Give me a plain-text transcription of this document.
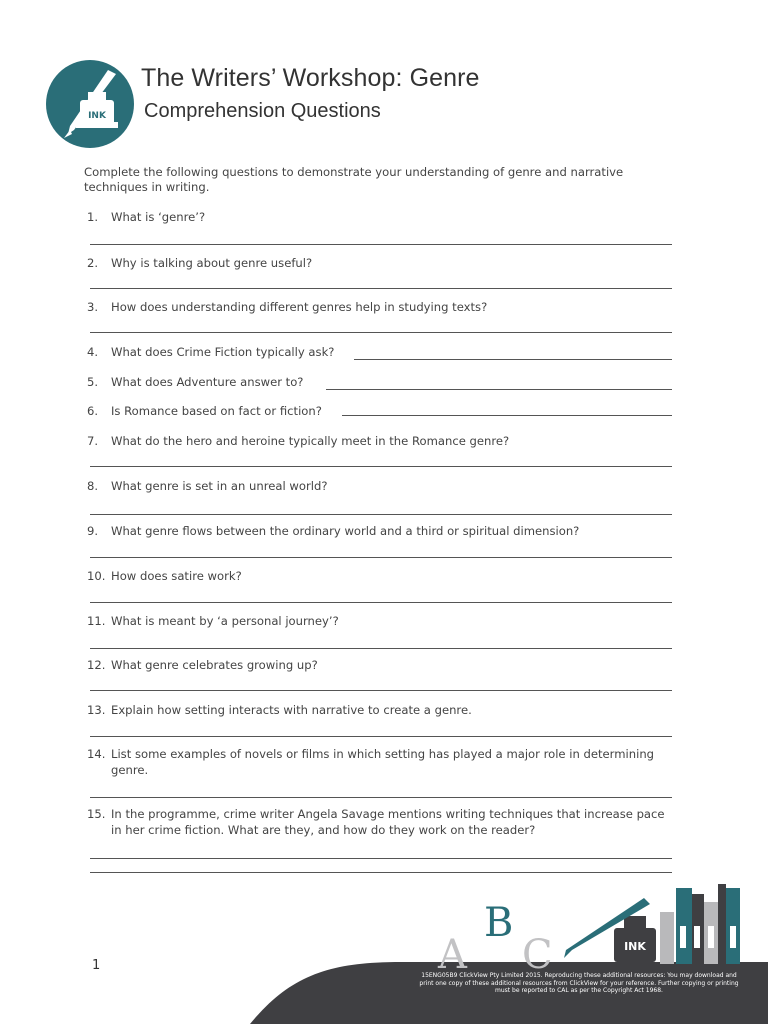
INK
The Writers’ Workshop: Genre
Comprehension Questions
Complete the following questions to demonstrate your understanding of genre and narrative techniques in writing.
1. What is ‘genre’?
2. Why is talking about genre useful?
3. How does understanding different genres help in studying texts?
4. What does Crime Fiction typically ask?
5. What does Adventure answer to?
6. Is Romance based on fact or fiction?
7. What do the hero and heroine typically meet in the Romance genre?
8. What genre is set in an unreal world?
9. What genre flows between the ordinary world and a third or spiritual dimension?
10. How does satire work?
11. What is meant by ‘a personal journey’?
12. What genre celebrates growing up?
13. Explain how setting interacts with narrative to create a genre.
14. List some examples of novels or films in which setting has played a major role in determining genre.
15. In the programme, crime writer Angela Savage mentions writing techniques that increase pace in her crime fiction. What are they, and how do they work on the reader?
INK
A
B
C
1
15ENG05B9 ClickView Pty Limited 2015. Reproducing these additional resources: You may download and print one copy of these additional resources from ClickView for your reference. Further copying or printing must be reported to CAL as per the Copyright Act 1968.
